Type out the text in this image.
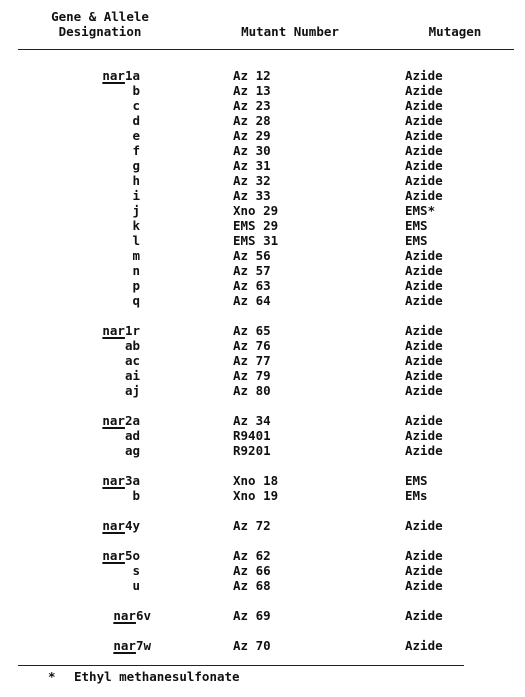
Gene & Allele
Designation	Mutant Number	Mutagen
nar1a	Az 12	Azide
b	Az 13	Azide
c	Az 23	Azide
d	Az 28	Azide
e	Az 29	Azide
f	Az 30	Azide
g	Az 31	Azide
h	Az 32	Azide
i	Az 33	Azide
j	Xno 29	EMS*
k	EMS 29	EMS
l	EMS 31	EMS
m	Az 56	Azide
n	Az 57	Azide
p	Az 63	Azide
q	Az 64	Azide
nar1r	Az 65	Azide
ab	Az 76	Azide
ac	Az 77	Azide
ai	Az 79	Azide
aj	Az 80	Azide
nar2a	Az 34	Azide
ad	R9401	Azide
ag	R9201	Azide
nar3a	Xno 18	EMS
b	Xno 19	EMs
nar4y	Az 72	Azide
nar5o	Az 62	Azide
s	Az 66	Azide
u	Az 68	Azide
nar6v	Az 69	Azide
nar7w	Az 70	Azide
* Ethyl methanesulfonate
